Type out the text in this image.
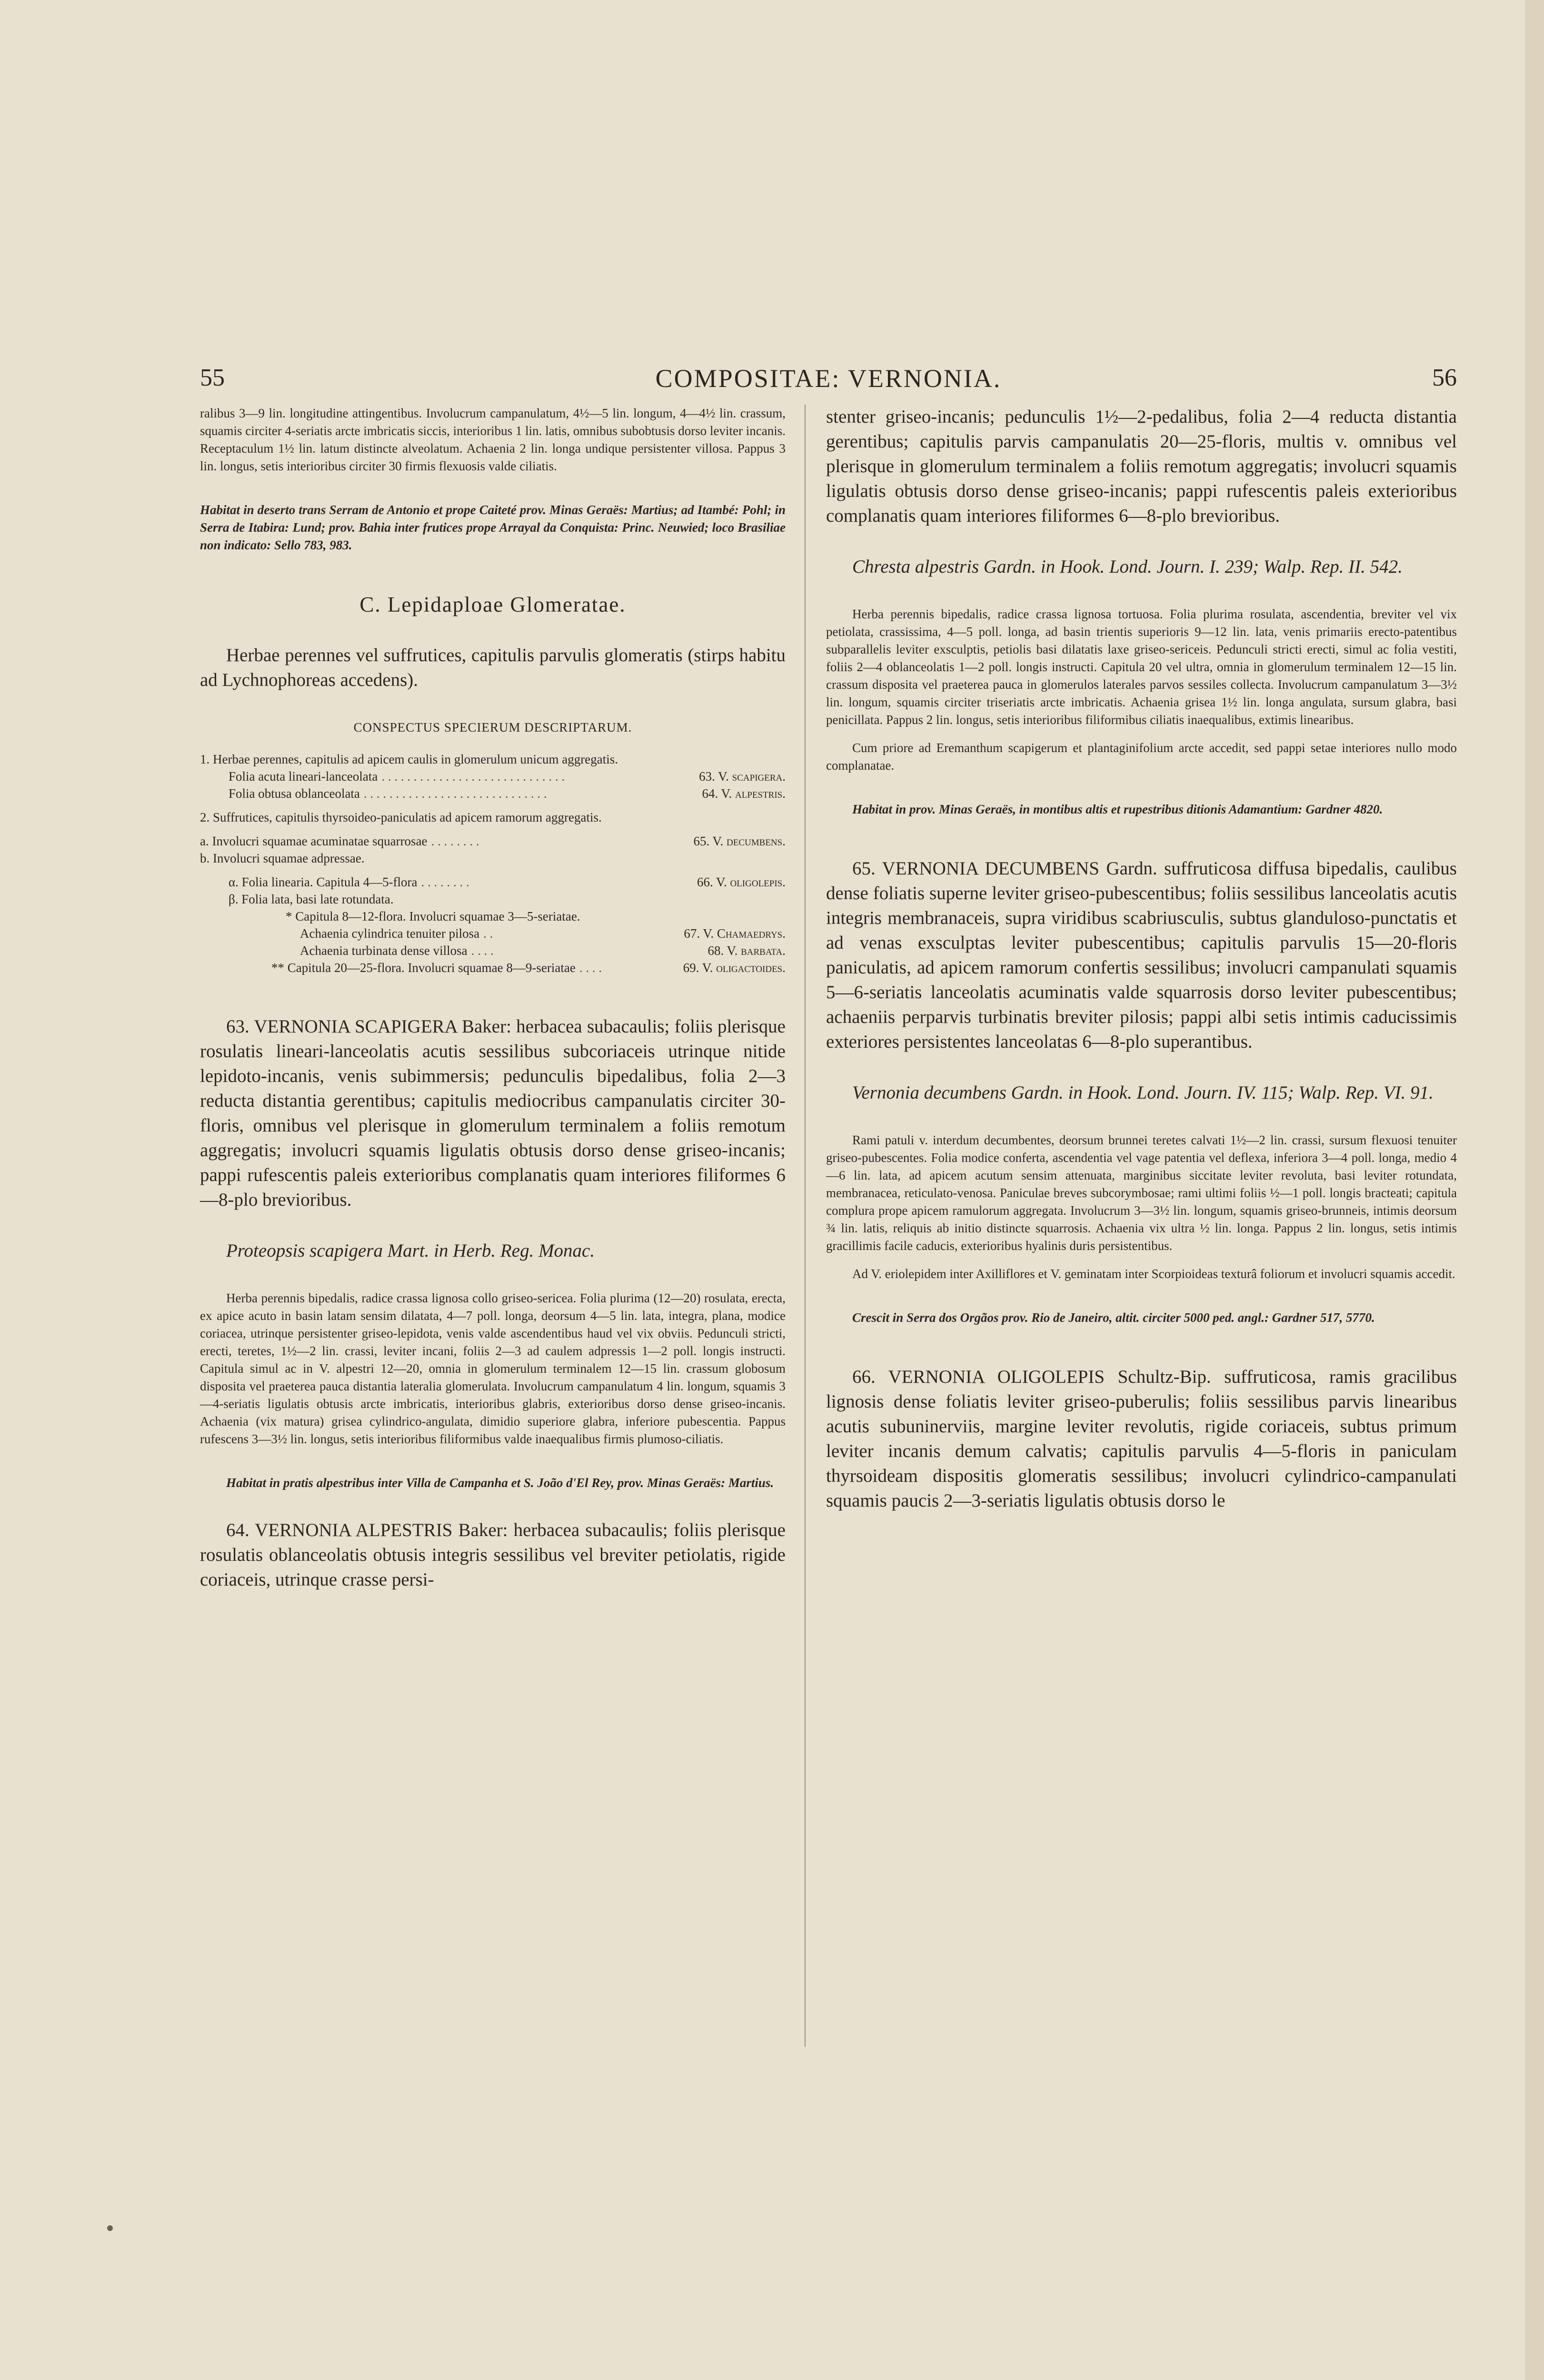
55	COMPOSITAE: VERNONIA.	56

ralibus 3—9 lin. longitudine attingentibus. Involucrum campanulatum, 4½—5 lin. longum, 4—4½ lin. crassum, squamis circiter 4-seriatis arcte imbricatis siccis, interioribus 1 lin. latis, omnibus subobtusis dorso leviter incanis. Receptaculum 1½ lin. latum distincte alveolatum. Achaenia 2 lin. longa undique persistenter villosa. Pappus 3 lin. longus, setis interioribus circiter 30 firmis flexuosis valde ciliatis.

Habitat in deserto trans Serram de Antonio et prope Caiteté prov. Minas Geraës: Martius; ad Itambé: Pohl; in Serra de Itabira: Lund; prov. Bahia inter frutices prope Arrayal da Conquista: Princ. Neuwied; loco Brasiliae non indicato: Sello 783, 983.

C. Lepidaploae Glomeratae.

Herbae perennes vel suffrutices, capitulis parvulis glomeratis (stirps habitu ad Lychnophoreas accedens).

CONSPECTUS SPECIERUM DESCRIPTARUM.

1. Herbae perennes, capitulis ad apicem caulis in glomerulum unicum aggregatis.

Folia acuta lineari-lanceolata . . . . . . . . . . . . . . . . . . . . . . . . . . . . .	63. V. scapigera.
Folia obtusa oblanceolata . . . . . . . . . . . . . . . . . . . . . . . . . . . . .	64. V. alpestris.

2. Suffrutices, capitulis thyrsoideo-paniculatis ad apicem ramorum aggregatis.

a. Involucri squamae acuminatae squarrosae . . . . . . . .	65. V. decumbens.

b. Involucri squamae adpressae.

α. Folia linearia. Capitula 4—5-flora . . . . . . . .	66. V. oligolepis.

β. Folia lata, basi late rotundata.

* Capitula 8—12-flora. Involucri squamae 3—5-seriatae.

Achaenia cylindrica tenuiter pilosa . .	67. V. Chamaedrys.
Achaenia turbinata dense villosa . . . .	68. V. barbata.
** Capitula 20—25-flora. Involucri squamae 8—9-seriatae . . . .	69. V. oligactoides.

63. VERNONIA SCAPIGERA Baker: herbacea subacaulis; foliis plerisque rosulatis lineari-lanceolatis acutis sessilibus subcoriaceis utrinque nitide lepidoto-incanis, venis subimmersis; pedunculis bipedalibus, folia 2—3 reducta distantia gerentibus; capitulis mediocribus campanulatis circiter 30-floris, omnibus vel plerisque in glomerulum terminalem a foliis remotum aggregatis; involucri squamis ligulatis obtusis dorso dense griseo-incanis; pappi rufescentis paleis exterioribus complanatis quam interiores filiformes 6—8-plo brevioribus.

Proteopsis scapigera Mart. in Herb. Reg. Monac.

Herba perennis bipedalis, radice crassa lignosa collo griseo-sericea. Folia plurima (12—20) rosulata, erecta, ex apice acuto in basin latam sensim dilatata, 4—7 poll. longa, deorsum 4—5 lin. lata, integra, plana, modice coriacea, utrinque persistenter griseo-lepidota, venis valde ascendentibus haud vel vix obviis. Pedunculi stricti, erecti, teretes, 1½—2 lin. crassi, leviter incani, foliis 2—3 ad caulem adpressis 1—2 poll. longis instructi. Capitula simul ac in V. alpestri 12—20, omnia in glomerulum terminalem 12—15 lin. crassum globosum disposita vel praeterea pauca distantia lateralia glomerulata. Involucrum campanulatum 4 lin. longum, squamis 3—4-seriatis ligulatis obtusis arcte imbricatis, interioribus glabris, exterioribus dorso dense griseo-incanis. Achaenia (vix matura) grisea cylindrico-angulata, dimidio superiore glabra, inferiore pubescentia. Pappus rufescens 3—3½ lin. longus, setis interioribus filiformibus valde inaequalibus firmis plumoso-ciliatis.

Habitat in pratis alpestribus inter Villa de Campanha et S. João d'El Rey, prov. Minas Geraës: Martius.

64. VERNONIA ALPESTRIS Baker: herbacea subacaulis; foliis plerisque rosulatis oblanceolatis obtusis integris sessilibus vel breviter petiolatis, rigide coriaceis, utrinque crasse persi-

stenter griseo-incanis; pedunculis 1½—2-pedalibus, folia 2—4 reducta distantia gerentibus; capitulis parvis campanulatis 20—25-floris, multis v. omnibus vel plerisque in glomerulum terminalem a foliis remotum aggregatis; involucri squamis ligulatis obtusis dorso dense griseo-incanis; pappi rufescentis paleis exterioribus complanatis quam interiores filiformes 6—8-plo brevioribus.

Chresta alpestris Gardn. in Hook. Lond. Journ. I. 239; Walp. Rep. II. 542.

Herba perennis bipedalis, radice crassa lignosa tortuosa. Folia plurima rosulata, ascendentia, breviter vel vix petiolata, crassissima, 4—5 poll. longa, ad basin trientis superioris 9—12 lin. lata, venis primariis erecto-patentibus subparallelis leviter exsculptis, petiolis basi dilatatis laxe griseo-sericeis. Pedunculi stricti erecti, simul ac folia vestiti, foliis 2—4 oblanceolatis 1—2 poll. longis instructi. Capitula 20 vel ultra, omnia in glomerulum terminalem 12—15 lin. crassum disposita vel praeterea pauca in glomerulos laterales parvos sessiles collecta. Involucrum campanulatum 3—3½ lin. longum, squamis circiter triseriatis arcte imbricatis. Achaenia grisea 1½ lin. longa angulata, sursum glabra, basi penicillata. Pappus 2 lin. longus, setis interioribus filiformibus ciliatis inaequalibus, extimis linearibus.

Cum priore ad Eremanthum scapigerum et plantaginifolium arcte accedit, sed pappi setae interiores nullo modo complanatae.

Habitat in prov. Minas Geraës, in montibus altis et rupestribus ditionis Adamantium: Gardner 4820.

65. VERNONIA DECUMBENS Gardn. suffruticosa diffusa bipedalis, caulibus dense foliatis superne leviter griseo-pubescentibus; foliis sessilibus lanceolatis acutis integris membranaceis, supra viridibus scabriusculis, subtus glanduloso-punctatis et ad venas exsculptas leviter pubescentibus; capitulis parvulis 15—20-floris paniculatis, ad apicem ramorum confertis sessilibus; involucri campanulati squamis 5—6-seriatis lanceolatis acuminatis valde squarrosis dorso leviter pubescentibus; achaeniis perparvis turbinatis breviter pilosis; pappi albi setis intimis caducissimis exteriores persistentes lanceolatas 6—8-plo superantibus.

Vernonia decumbens Gardn. in Hook. Lond. Journ. IV. 115; Walp. Rep. VI. 91.

Rami patuli v. interdum decumbentes, deorsum brunnei teretes calvati 1½—2 lin. crassi, sursum flexuosi tenuiter griseo-pubescentes. Folia modice conferta, ascendentia vel vage patentia vel deflexa, inferiora 3—4 poll. longa, medio 4—6 lin. lata, ad apicem acutum sensim attenuata, marginibus siccitate leviter revoluta, basi leviter rotundata, membranacea, reticulato-venosa. Paniculae breves subcorymbosae; rami ultimi foliis ½—1 poll. longis bracteati; capitula complura prope apicem ramulorum aggregata. Involucrum 3—3½ lin. longum, squamis griseo-brunneis, intimis deorsum ¾ lin. latis, reliquis ab initio distincte squarrosis. Achaenia vix ultra ½ lin. longa. Pappus 2 lin. longus, setis intimis gracillimis facile caducis, exterioribus hyalinis duris persistentibus.

Ad V. eriolepidem inter Axilliflores et V. geminatam inter Scorpioideas texturâ foliorum et involucri squamis accedit.

Crescit in Serra dos Orgãos prov. Rio de Janeiro, altit. circiter 5000 ped. angl.: Gardner 517, 5770.

66. VERNONIA OLIGOLEPIS Schultz-Bip. suffruticosa, ramis gracilibus lignosis dense foliatis leviter griseo-puberulis; foliis sessilibus parvis linearibus acutis subuninerviis, margine leviter revolutis, rigide coriaceis, subtus primum leviter incanis demum calvatis; capitulis parvulis 4—5-floris in paniculam thyrsoideam dispositis glomeratis sessilibus; involucri cylindrico-campanulati squamis paucis 2—3-seriatis ligulatis obtusis dorso le
